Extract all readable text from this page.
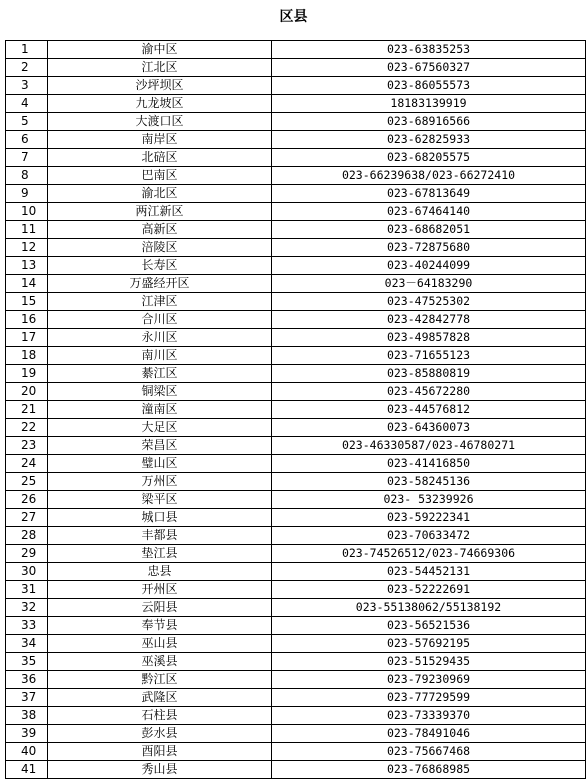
区县
1	渝中区	023-63835253
2	江北区	023-67560327
3	沙坪坝区	023-86055573
4	九龙坡区	18183139919
5	大渡口区	023-68916566
6	南岸区	023-62825933
7	北碚区	023-68205575
8	巴南区	023-66239638/023-66272410
9	渝北区	023-67813649
10	两江新区	023-67464140
11	高新区	023-68682051
12	涪陵区	023-72875680
13	长寿区	023-40244099
14	万盛经开区	023－64183290
15	江津区	023-47525302
16	合川区	023-42842778
17	永川区	023-49857828
18	南川区	023-71655123
19	綦江区	023-85880819
20	铜梁区	023-45672280
21	潼南区	023-44576812
22	大足区	023-64360073
23	荣昌区	023-46330587/023-46780271
24	璧山区	023-41416850
25	万州区	023-58245136
26	梁平区	023- 53239926
27	城口县	023-59222341
28	丰都县	023-70633472
29	垫江县	023-74526512/023-74669306
30	忠县	023-54452131
31	开州区	023-52222691
32	云阳县	023-55138062/55138192
33	奉节县	023-56521536
34	巫山县	023-57692195
35	巫溪县	023-51529435
36	黔江区	023-79230969
37	武隆区	023-77729599
38	石柱县	023-73339370
39	彭水县	023-78491046
40	酉阳县	023-75667468
41	秀山县	023-76868985
